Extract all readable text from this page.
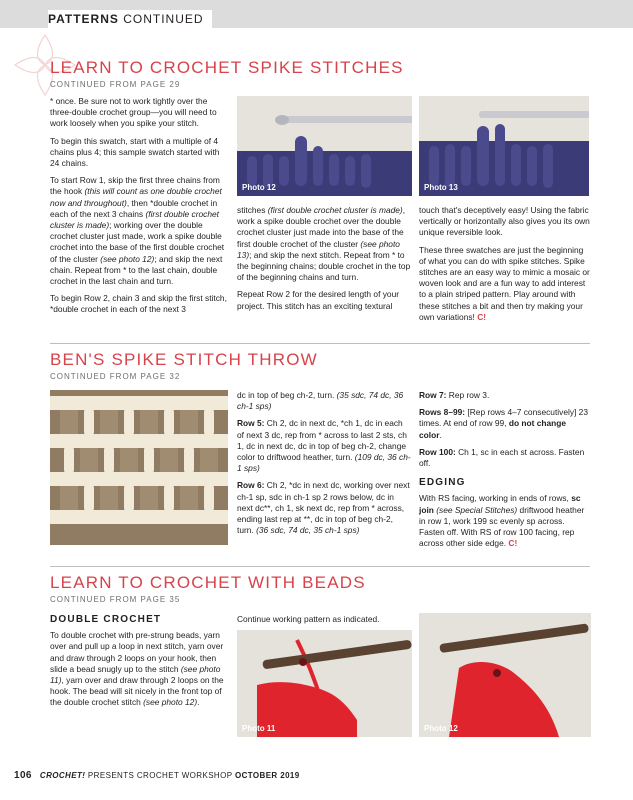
PATTERNS CONTINUED
LEARN TO CROCHET SPIKE STITCHES
CONTINUED FROM PAGE 29

* once. Be sure not to work tightly over the three-double crochet group—you will need to work loosely when you spike your stitch.

To begin this swatch, start with a multiple of 4 chains plus 4; this sample swatch started with 24 chains.

To start Row 1, skip the first three chains from the hook (this will count as one double crochet now and throughout), then *double crochet in each of the next 3 chains (first double crochet cluster is made); working over the double crochet cluster just made, work a spike double crochet into the base of the first double crochet of the cluster (see photo 12); and skip the next chain. Repeat from * to the last chain, double crochet in the last chain and turn.

To begin Row 2, chain 3 and skip the first stitch, *double crochet in each of the next 3

Photo 12	Photo 13

stitches (first double crochet cluster is made), work a spike double crochet over the double crochet cluster just made into the base of the first double crochet of the cluster (see photo 13); and skip the next stitch. Repeat from * to the beginning chains; double crochet in the top of the beginning chains and turn.

Repeat Row 2 for the desired length of your project. This stitch has an exciting textural

touch that's deceptively easy! Using the fabric vertically or horizontally also gives you its own unique reversible look.

These three swatches are just the beginning of what you can do with spike stitches. Spike stitches are an easy way to mimic a mosaic or woven look and are a fun way to add interest to a plain striped pattern. Play around with these stitches a bit and then try making your own variations! C!

BEN'S SPIKE STITCH THROW
CONTINUED FROM PAGE 32

dc in top of beg ch-2, turn. (35 sdc, 74 dc, 36 ch-1 sps)

Row 5: Ch 2, dc in next dc, *ch 1, dc in each of next 3 dc, rep from * across to last 2 sts, ch 1, dc in next dc, dc in top of beg ch-2, change color to driftwood heather, turn. (109 dc, 36 ch-1 sps)

Row 6: Ch 2, *dc in next dc, working over next ch-1 sp, sdc in ch-1 sp 2 rows below, dc in next dc**, ch 1, sk next dc, rep from * across, ending last rep at **, dc in top of beg ch-2, turn. (36 sdc, 74 dc, 35 ch-1 sps)

Row 7: Rep row 3.

Rows 8–99: [Rep rows 4–7 consecutively] 23 times. At end of row 99, do not change color.

Row 100: Ch 1, sc in each st across. Fasten off.

EDGING

With RS facing, working in ends of rows, sc join (see Special Stitches) driftwood heather in row 1, work 199 sc evenly sp across. Fasten off. With RS of row 100 facing, rep across other side edge. C!

LEARN TO CROCHET WITH BEADS
CONTINUED FROM PAGE 35
DOUBLE CROCHET

To double crochet with pre-strung beads, yarn over and pull up a loop in next stitch, yarn over and draw through 2 loops on your hook, then slide a bead snugly up to the stitch (see photo 11), yarn over and draw through 2 loops on the hook. The bead will sit nicely in the front top of the double crochet stitch (see photo 12).

Continue working pattern as indicated.

Photo 11	Photo 12
106 CROCHET! PRESENTS CROCHET WORKSHOP OCTOBER 2019
